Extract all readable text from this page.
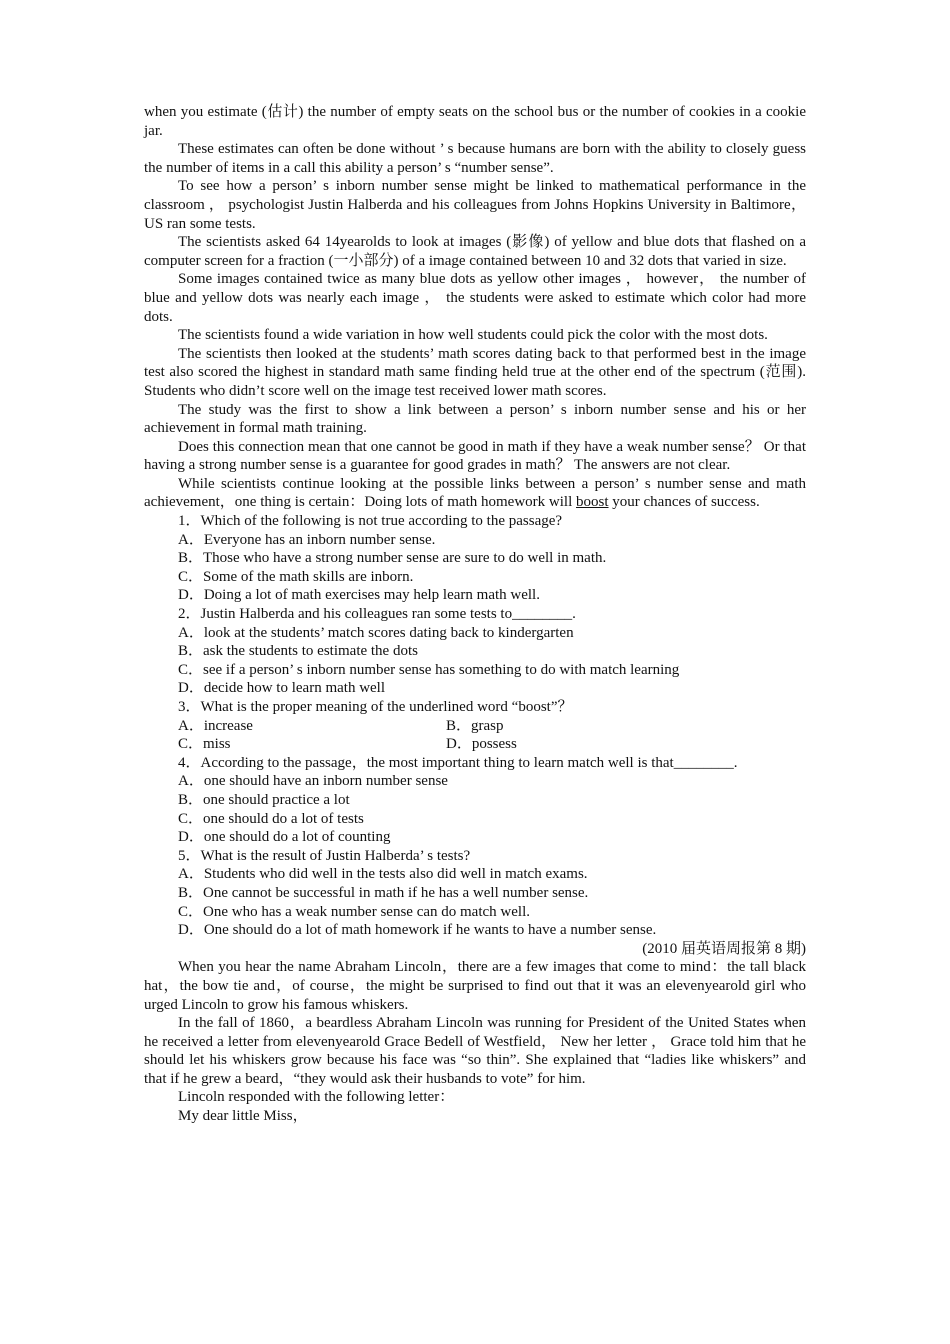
when you estimate (估计) the number of empty seats on the school bus or the number of cookies in a cookie jar.

These estimates can often be done without ’ s because humans are born with the ability to closely guess the number of items in a call this ability a person’ s “number sense”.

To see how a person’ s inborn number sense might be linked to mathematical performance in the classroom ， psychologist Justin Halberda and his colleagues from Johns Hopkins University in Baltimore，US ran some tests.

The scientists asked 64 14yearolds to look at images (影像) of yellow and blue dots that flashed on a computer screen for a fraction (一小部分) of a image contained between 10 and 32 dots that varied in size.

Some images contained twice as many blue dots as yellow other images ， however， the number of blue and yellow dots was nearly each image ， the students were asked to estimate which color had more dots.

The scientists found a wide variation in how well students could pick the color with the most dots.

The scientists then looked at the students’ math scores dating back to that performed best in the image test also scored the highest in standard math same finding held true at the other end of the spectrum (范围). Students who didn’t score well on the image test received lower math scores.

The study was the first to show a link between a person’ s inborn number sense and his or her achievement in formal math training.

Does this connection mean that one cannot be good in math if they have a weak number sense？ Or that having a strong number sense is a guarantee for good grades in math？ The answers are not clear.

While scientists continue looking at the possible links between a person’ s number sense and math achievement，one thing is certain：Doing lots of math homework will boost your chances of success.

1．Which of the following is not true according to the passage?

A．Everyone has an inborn number sense.

B．Those who have a strong number sense are sure to do well in math.

C．Some of the math skills are inborn.

D．Doing a lot of math exercises may help learn math well.

2．Justin Halberda and his colleagues ran some tests to________.

A．look at the students’ match scores dating back to kindergarten

B．ask the students to estimate the dots

C．see if a person’ s inborn number sense has something to do with match learning

D．decide how to learn math well

3．What is the proper meaning of the underlined word “boost”？

A．increase	B．grasp
C．miss	D．possess

4．According to the passage，the most important thing to learn match well is that________.

A．one should have an inborn number sense

B．one should practice a lot

C．one should do a lot of tests

D．one should do a lot of counting

5．What is the result of Justin Halberda’ s tests?

A．Students who did well in the tests also did well in match exams.

B．One cannot be successful in math if he has a well number sense.

C．One who has a weak number sense can do match well.

D．One should do a lot of math homework if he wants to have a number sense.

(2010 届英语周报第 8 期)

When you hear the name Abraham Lincoln，there are a few images that come to mind：the tall black hat，the bow tie and，of course，the might be surprised to find out that it was an elevenyearold girl who urged Lincoln to grow his famous whiskers.

In the fall of 1860，a beardless Abraham Lincoln was running for President of the United States when he received a letter from elevenyearold Grace Bedell of Westfield， New her letter ， Grace told him that he should let his whiskers grow because his face was “so thin”. She explained that “ladies like whiskers” and that if he grew a beard，“they would ask their husbands to vote” for him.

Lincoln responded with the following letter：

My dear little Miss，
